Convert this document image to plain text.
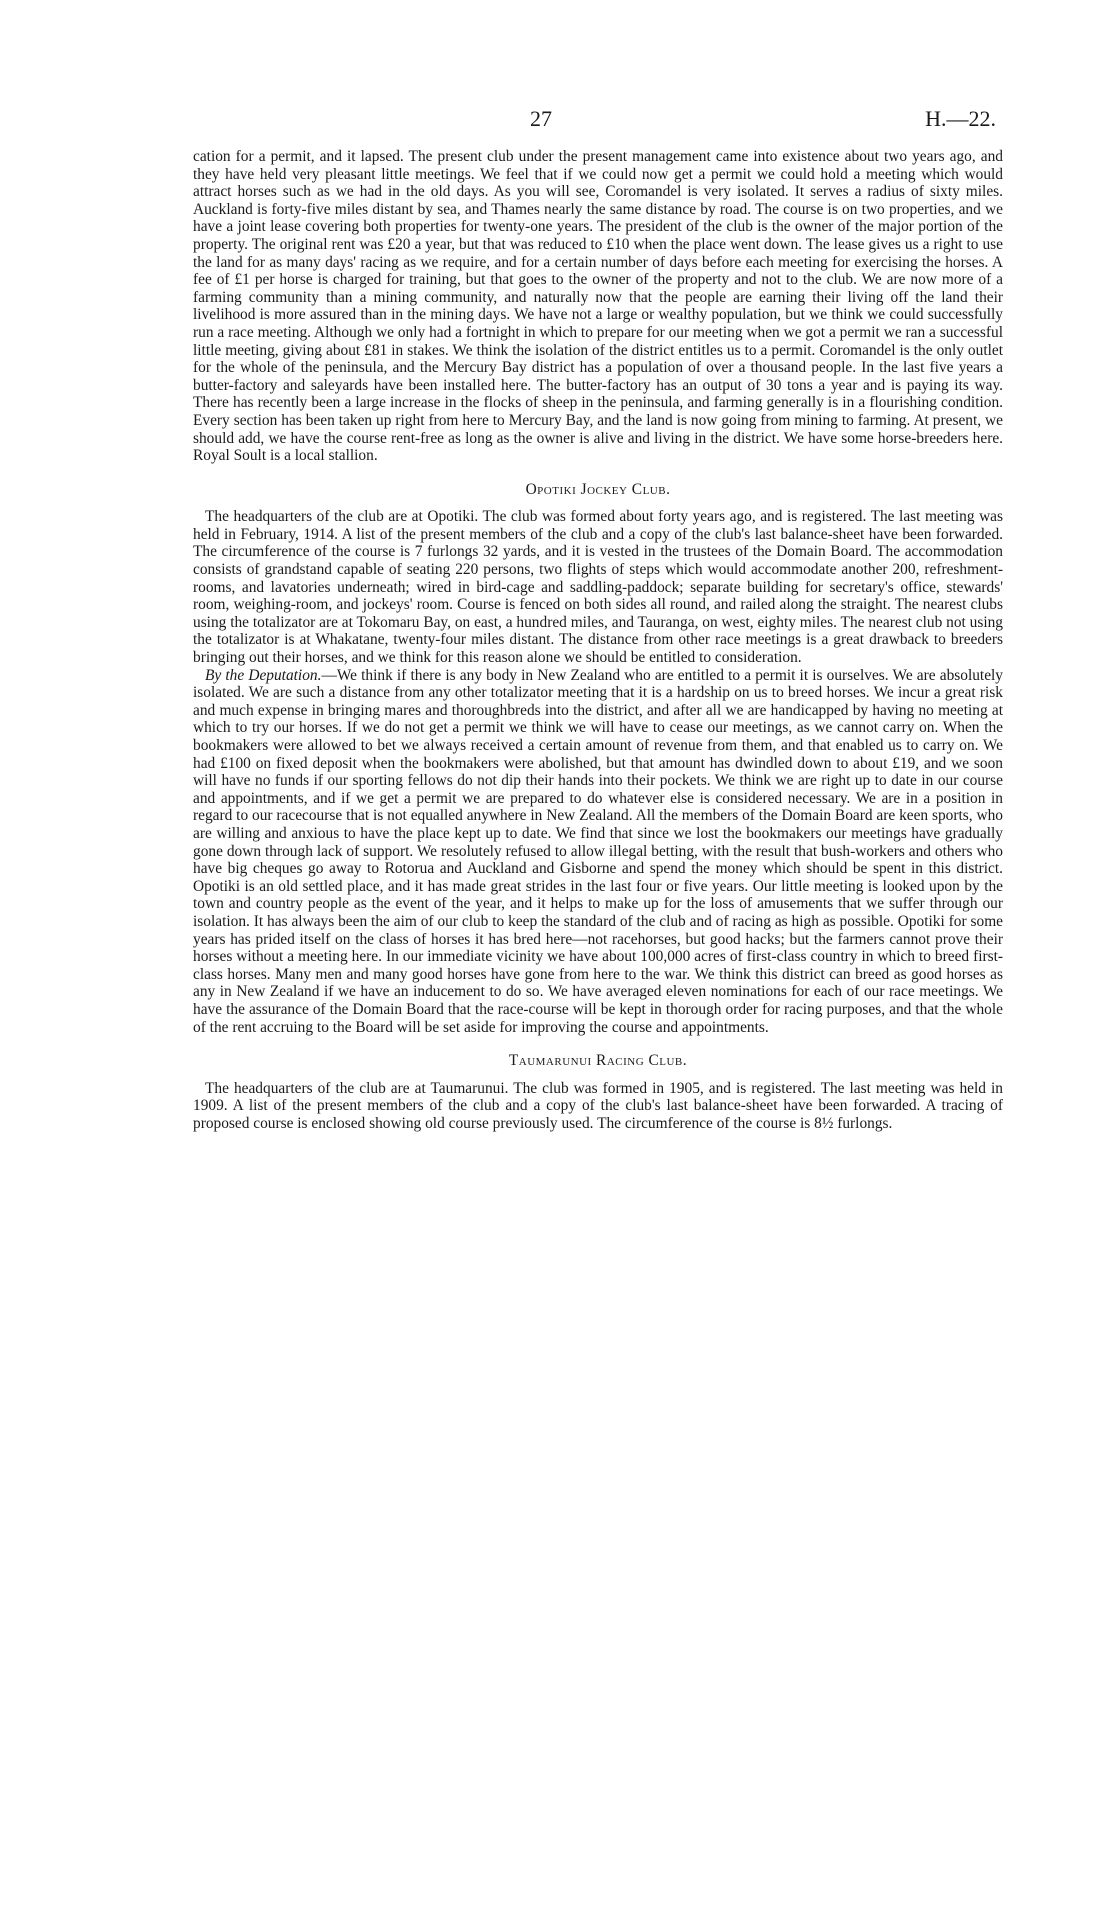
27	H.—22.

cation for a permit, and it lapsed. The present club under the present management came into existence about two years ago, and they have held very pleasant little meetings. We feel that if we could now get a permit we could hold a meeting which would attract horses such as we had in the old days. As you will see, Coromandel is very isolated. It serves a radius of sixty miles. Auckland is forty-five miles distant by sea, and Thames nearly the same distance by road. The course is on two properties, and we have a joint lease covering both properties for twenty-one years. The president of the club is the owner of the major portion of the property. The original rent was £20 a year, but that was reduced to £10 when the place went down. The lease gives us a right to use the land for as many days' racing as we require, and for a certain number of days before each meeting for exercising the horses. A fee of £1 per horse is charged for training, but that goes to the owner of the property and not to the club. We are now more of a farming community than a mining community, and naturally now that the people are earning their living off the land their livelihood is more assured than in the mining days. We have not a large or wealthy population, but we think we could successfully run a race meeting. Although we only had a fortnight in which to prepare for our meeting when we got a permit we ran a successful little meeting, giving about £81 in stakes. We think the isolation of the district entitles us to a permit. Coromandel is the only outlet for the whole of the peninsula, and the Mercury Bay district has a population of over a thousand people. In the last five years a butter-factory and saleyards have been installed here. The butter-factory has an output of 30 tons a year and is paying its way. There has recently been a large increase in the flocks of sheep in the peninsula, and farming generally is in a flourishing condition. Every section has been taken up right from here to Mercury Bay, and the land is now going from mining to farming. At present, we should add, we have the course rent-free as long as the owner is alive and living in the district. We have some horse-breeders here. Royal Soult is a local stallion.

Opotiki Jockey Club.

The headquarters of the club are at Opotiki. The club was formed about forty years ago, and is registered. The last meeting was held in February, 1914. A list of the present members of the club and a copy of the club's last balance-sheet have been forwarded. The circumference of the course is 7 furlongs 32 yards, and it is vested in the trustees of the Domain Board. The accommodation consists of grandstand capable of seating 220 persons, two flights of steps which would accommodate another 200, refreshment-rooms, and lavatories underneath; wired in bird-cage and saddling-paddock; separate building for secretary's office, stewards' room, weighing-room, and jockeys' room. Course is fenced on both sides all round, and railed along the straight. The nearest clubs using the totalizator are at Tokomaru Bay, on east, a hundred miles, and Tauranga, on west, eighty miles. The nearest club not using the totalizator is at Whakatane, twenty-four miles distant. The distance from other race meetings is a great drawback to breeders bringing out their horses, and we think for this reason alone we should be entitled to consideration.

By the Deputation.—We think if there is any body in New Zealand who are entitled to a permit it is ourselves. We are absolutely isolated. We are such a distance from any other totalizator meeting that it is a hardship on us to breed horses. We incur a great risk and much expense in bringing mares and thoroughbreds into the district, and after all we are handicapped by having no meeting at which to try our horses. If we do not get a permit we think we will have to cease our meetings, as we cannot carry on. When the bookmakers were allowed to bet we always received a certain amount of revenue from them, and that enabled us to carry on. We had £100 on fixed deposit when the bookmakers were abolished, but that amount has dwindled down to about £19, and we soon will have no funds if our sporting fellows do not dip their hands into their pockets. We think we are right up to date in our course and appointments, and if we get a permit we are prepared to do whatever else is considered necessary. We are in a position in regard to our racecourse that is not equalled anywhere in New Zealand. All the members of the Domain Board are keen sports, who are willing and anxious to have the place kept up to date. We find that since we lost the bookmakers our meetings have gradually gone down through lack of support. We resolutely refused to allow illegal betting, with the result that bush-workers and others who have big cheques go away to Rotorua and Auckland and Gisborne and spend the money which should be spent in this district. Opotiki is an old settled place, and it has made great strides in the last four or five years. Our little meeting is looked upon by the town and country people as the event of the year, and it helps to make up for the loss of amusements that we suffer through our isolation. It has always been the aim of our club to keep the standard of the club and of racing as high as possible. Opotiki for some years has prided itself on the class of horses it has bred here—not racehorses, but good hacks; but the farmers cannot prove their horses without a meeting here. In our immediate vicinity we have about 100,000 acres of first-class country in which to breed first-class horses. Many men and many good horses have gone from here to the war. We think this district can breed as good horses as any in New Zealand if we have an inducement to do so. We have averaged eleven nominations for each of our race meetings. We have the assurance of the Domain Board that the race-course will be kept in thorough order for racing purposes, and that the whole of the rent accruing to the Board will be set aside for improving the course and appointments.

Taumarunui Racing Club.

The headquarters of the club are at Taumarunui. The club was formed in 1905, and is registered. The last meeting was held in 1909. A list of the present members of the club and a copy of the club's last balance-sheet have been forwarded. A tracing of proposed course is enclosed showing old course previously used. The circumference of the course is 8½ furlongs.
